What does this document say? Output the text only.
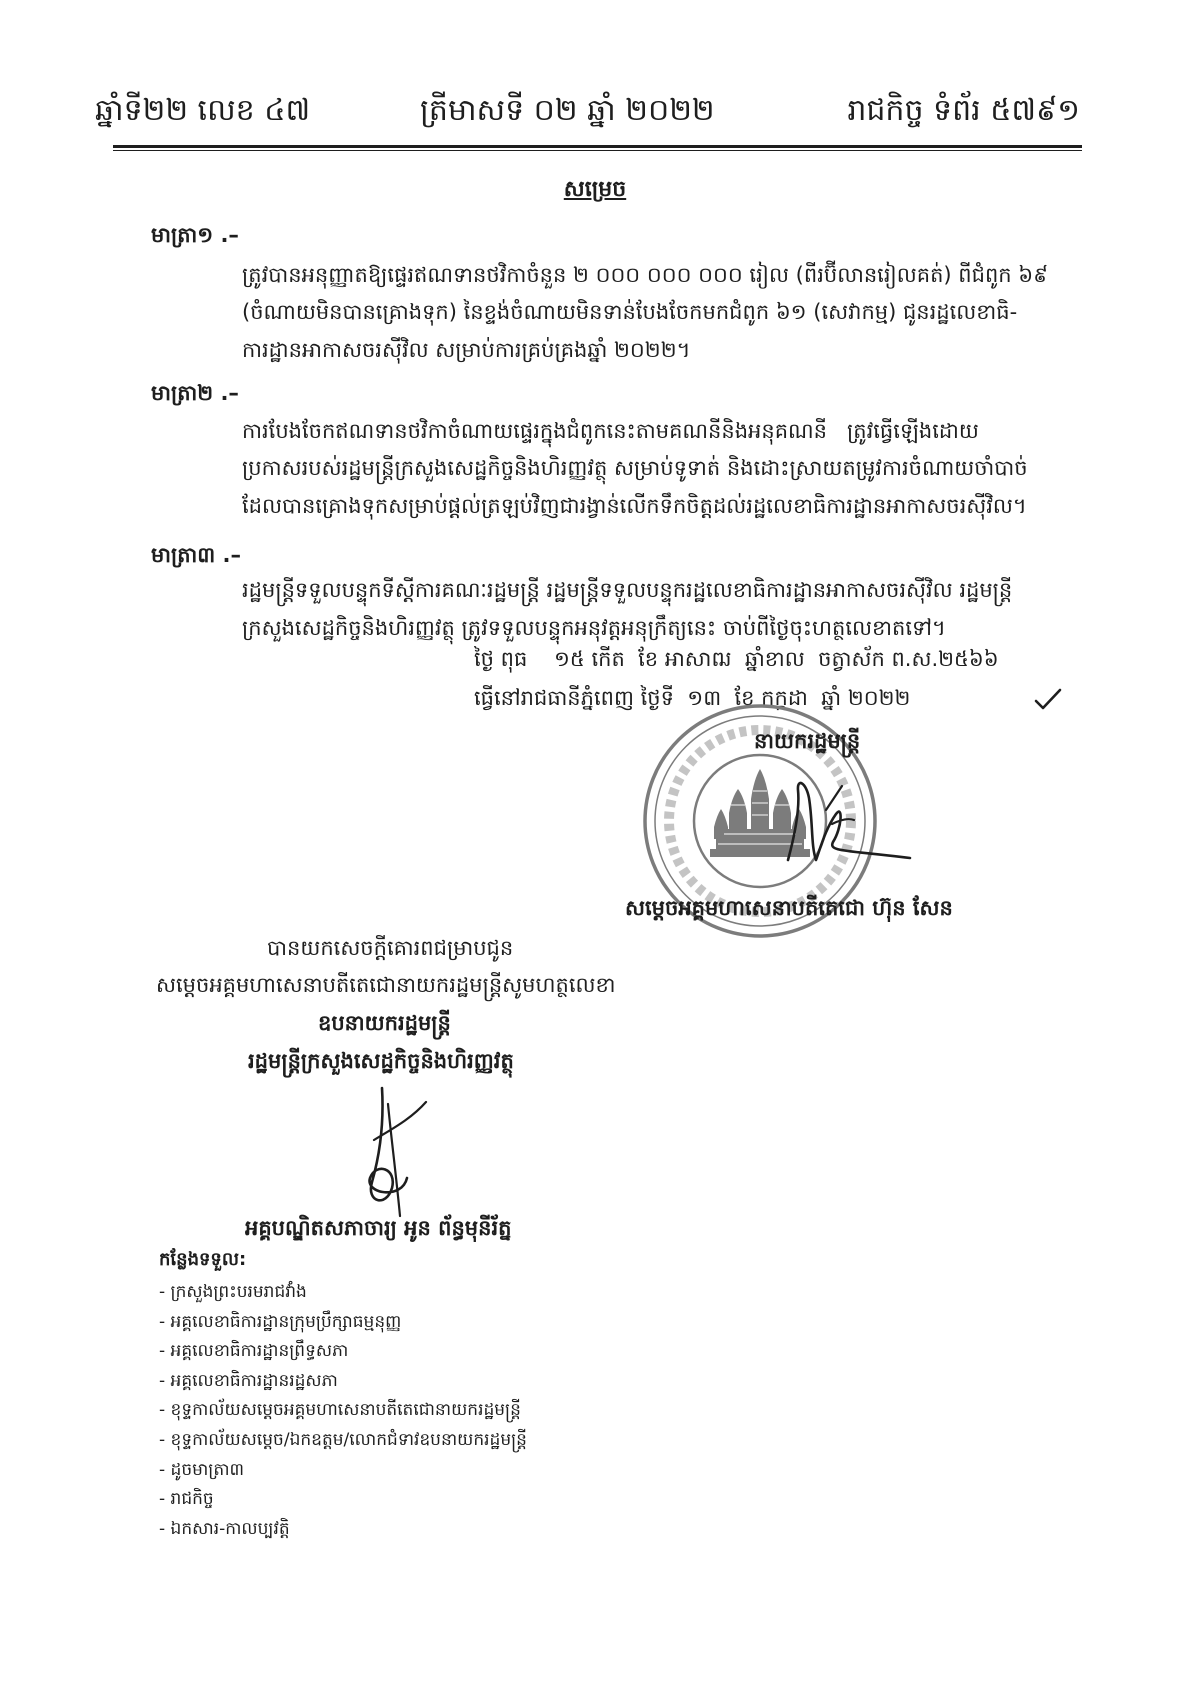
ឆ្នាំទី២២ លេខ ៤៧	ត្រីមាសទី ០២ ឆ្នាំ ២០២២	រាជកិច្ច ទំព័រ ៥៧៩១
សម្រេច
មាត្រា១ .–
ត្រូវបានអនុញ្ញាតឱ្យផ្ទេរឥណទានថវិកាចំនួន ២ ០០០ ០០០ ០០០ រៀល (ពីរប៊ីលានរៀលគត់) ពីជំពូក ៦៩
(ចំណាយមិនបានគ្រោងទុក) នៃខ្ទង់ចំណាយមិនទាន់បែងចែកមកជំពូក ៦១ (សេវាកម្ម) ជូនរដ្ឋលេខាធិ-
ការដ្ឋានអាកាសចរស៊ីវិល សម្រាប់ការគ្រប់គ្រងឆ្នាំ ២០២២។
មាត្រា២ .–
ការបែងចែកឥណទានថវិកាចំណាយផ្ទេរក្នុងជំពូកនេះតាមគណនីនិងអនុគណនី   ត្រូវធ្វើឡើងដោយ
ប្រកាសរបស់រដ្ឋមន្ត្រីក្រសួងសេដ្ឋកិច្ចនិងហិរញ្ញវត្ថុ សម្រាប់ទូទាត់ និងដោះស្រាយតម្រូវការចំណាយចាំបាច់
ដែលបានគ្រោងទុកសម្រាប់ផ្តល់ត្រឡប់វិញជារង្វាន់លើកទឹកចិត្តដល់រដ្ឋលេខាធិការដ្ឋានអាកាសចរស៊ីវិល។
មាត្រា៣ .–
រដ្ឋមន្ត្រីទទួលបន្ទុកទីស្តីការគណៈរដ្ឋមន្ត្រី រដ្ឋមន្ត្រីទទួលបន្ទុករដ្ឋលេខាធិការដ្ឋានអាកាសចរស៊ីវិល រដ្ឋមន្ត្រី
ក្រសួងសេដ្ឋកិច្ចនិងហិរញ្ញវត្ថុ ត្រូវទទួលបន្ទុកអនុវត្តអនុក្រឹត្យនេះ ចាប់ពីថ្ងៃចុះហត្ថលេខាតទៅ។
ថ្ងៃ ពុធ    ១៥ កើត  ខែ អាសាឍ  ឆ្នាំខាល  ចត្វាស័ក ព.ស.២៥៦៦
ធ្វើនៅរាជធានីភ្នំពេញ ថ្ងៃទី  ១៣  ខែ កក្កដា  ឆ្នាំ ២០២២
នាយករដ្ឋមន្ត្រី
សម្តេចអគ្គមហាសេនាបតីតេជោ ហ៊ុន សែន
បានយកសេចក្តីគោរពជម្រាបជូន
សម្តេចអគ្គមហាសេនាបតីតេជោនាយករដ្ឋមន្ត្រីសូមហត្ថលេខា
ឧបនាយករដ្ឋមន្ត្រី
រដ្ឋមន្ត្រីក្រសួងសេដ្ឋកិច្ចនិងហិរញ្ញវត្ថុ
អគ្គបណ្ឌិតសភាចារ្យ អូន ព័ន្ធមុនីរ័ត្ន
កន្លែងទទួល:
- ក្រសួងព្រះបរមរាជវាំង
- អគ្គលេខាធិការដ្ឋានក្រុមប្រឹក្សាធម្មនុញ្ញ
- អគ្គលេខាធិការដ្ឋានព្រឹទ្ធសភា
- អគ្គលេខាធិការដ្ឋានរដ្ឋសភា
- ខុទ្ទកាល័យសម្តេចអគ្គមហាសេនាបតីតេជោនាយករដ្ឋមន្ត្រី
- ខុទ្ទកាល័យសម្តេច/ឯកឧត្តម/លោកជំទាវឧបនាយករដ្ឋមន្ត្រី
- ដូចមាត្រា៣
- រាជកិច្ច
- ឯកសារ-កាលប្បវត្តិ
